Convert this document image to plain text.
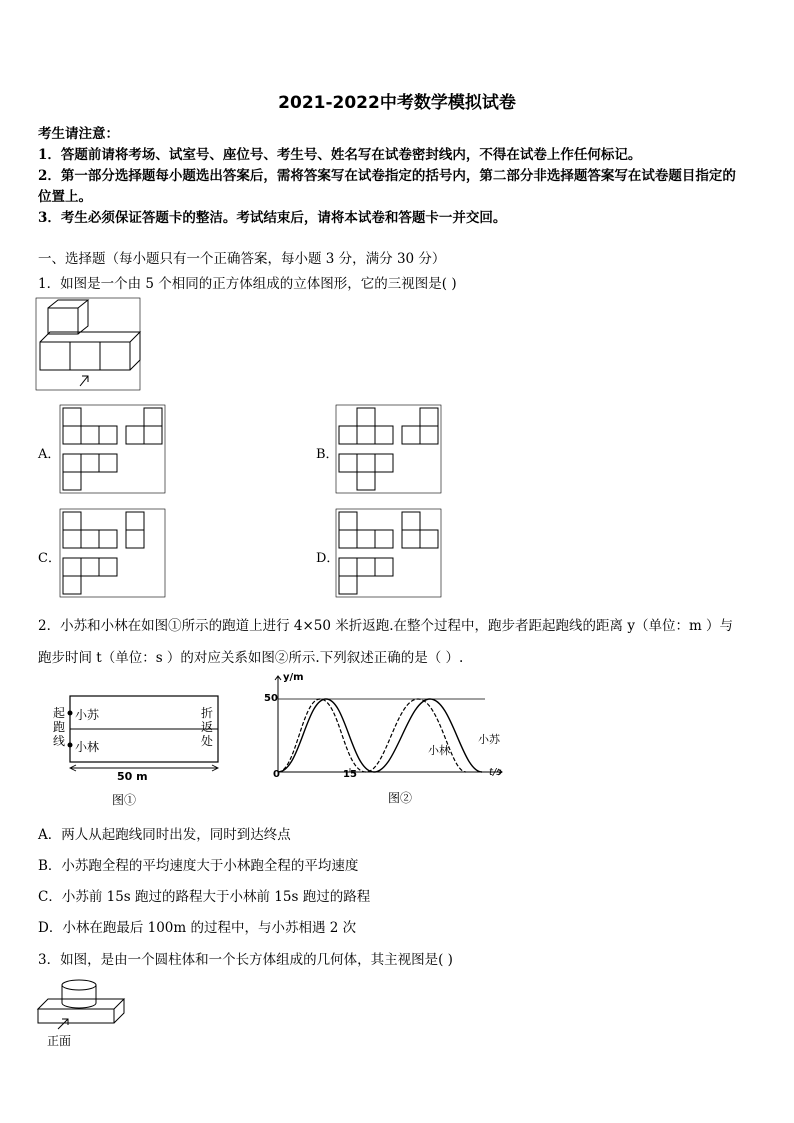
2021-2022中考数学模拟试卷
考生请注意：
1．答题前请将考场、试室号、座位号、考生号、姓名写在试卷密封线内，不得在试卷上作任何标记。
2．第一部分选择题每小题选出答案后，需将答案写在试卷指定的括号内，第二部分非选择题答案写在试卷题目指定的
位置上。
3．考生必须保证答题卡的整洁。考试结束后，请将本试卷和答题卡一并交回。
一、选择题（每小题只有一个正确答案，每小题 3 分，满分 30 分）
1．如图是一个由 5 个相同的正方体组成的立体图形，它的三视图是( )
A．	B．
C．	D．
2．小苏和小林在如图①所示的跑道上进行 4×50 米折返跑.在整个过程中，跑步者距起跑线的距离 y（单位：m ）与
跑步时间 t（单位：s ）的对应关系如图②所示.下列叙述正确的是（ ）.
起跑线
折返处
小苏
小林
50 m
图①
y/m
t/s
50
15
0
小林
小苏
图②
A．两人从起跑线同时出发，同时到达终点
B．小苏跑全程的平均速度大于小林跑全程的平均速度
C．小苏前 15s 跑过的路程大于小林前 15s 跑过的路程
D．小林在跑最后 100m 的过程中，与小苏相遇 2 次
3．如图，是由一个圆柱体和一个长方体组成的几何体，其主视图是( )
正面
